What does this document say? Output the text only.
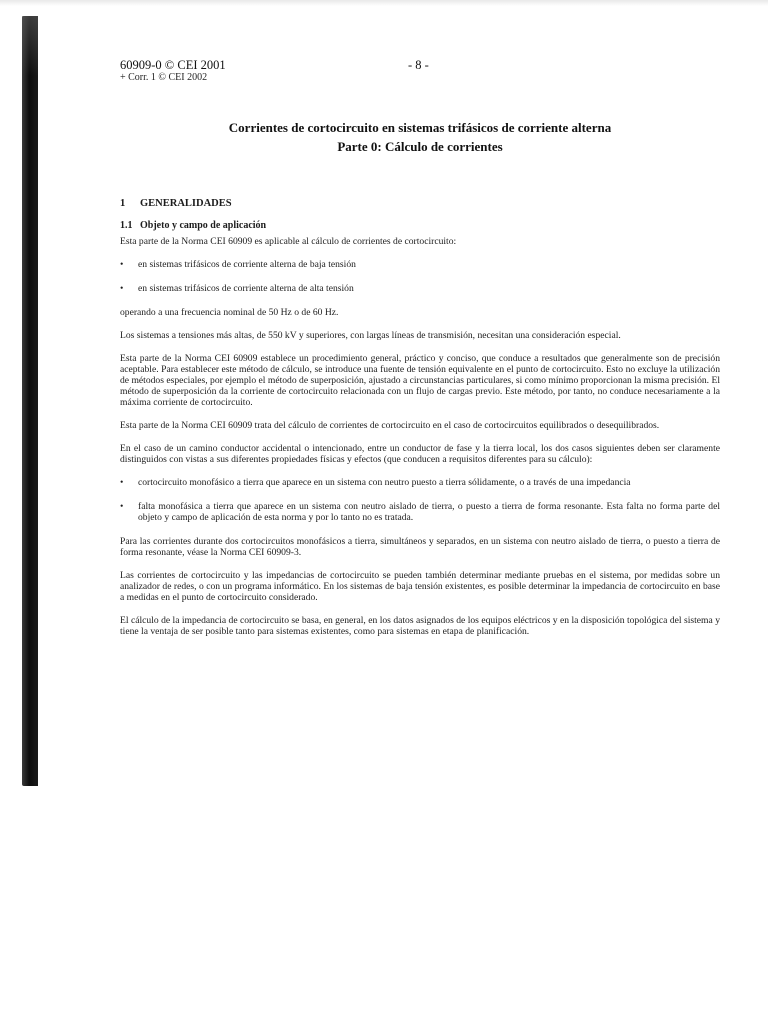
60909-0 © CEI 2001
+ Corr. 1 © CEI 2002
- 8 -
Corrientes de cortocircuito en sistemas trifásicos de corriente alterna
Parte 0: Cálculo de corrientes
1 GENERALIDADES
1.1 Objeto y campo de aplicación

Esta parte de la Norma CEI 60909 es aplicable al cálculo de corrientes de cortocircuito:

• en sistemas trifásicos de corriente alterna de baja tensión
• en sistemas trifásicos de corriente alterna de alta tensión

operando a una frecuencia nominal de 50 Hz o de 60 Hz.

Los sistemas a tensiones más altas, de 550 kV y superiores, con largas líneas de transmisión, necesitan una consideración especial.

Esta parte de la Norma CEI 60909 establece un procedimiento general, práctico y conciso, que conduce a resultados que generalmente son de precisión aceptable. Para establecer este método de cálculo, se introduce una fuente de tensión equivalente en el punto de cortocircuito. Esto no excluye la utilización de métodos especiales, por ejemplo el método de superposición, ajustado a circunstancias particulares, si como mínimo proporcionan la misma precisión. El método de superposición da la corriente de cortocircuito relacionada con un flujo de cargas previo. Este método, por tanto, no conduce necesariamente a la máxima corriente de cortocircuito.

Esta parte de la Norma CEI 60909 trata del cálculo de corrientes de cortocircuito en el caso de cortocircuitos equilibrados o desequilibrados.

En el caso de un camino conductor accidental o intencionado, entre un conductor de fase y la tierra local, los dos casos siguientes deben ser claramente distinguidos con vistas a sus diferentes propiedades físicas y efectos (que conducen a requisitos diferentes para su cálculo):

• cortocircuito monofásico a tierra que aparece en un sistema con neutro puesto a tierra sólidamente, o a través de una impedancia
• falta monofásica a tierra que aparece en un sistema con neutro aislado de tierra, o puesto a tierra de forma resonante. Esta falta no forma parte del objeto y campo de aplicación de esta norma y por lo tanto no es tratada.

Para las corrientes durante dos cortocircuitos monofásicos a tierra, simultáneos y separados, en un sistema con neutro aislado de tierra, o puesto a tierra de forma resonante, véase la Norma CEI 60909-3.

Las corrientes de cortocircuito y las impedancias de cortocircuito se pueden también determinar mediante pruebas en el sistema, por medidas sobre un analizador de redes, o con un programa informático. En los sistemas de baja tensión existentes, es posible determinar la impedancia de cortocircuito en base a medidas en el punto de cortocircuito considerado.

El cálculo de la impedancia de cortocircuito se basa, en general, en los datos asignados de los equipos eléctricos y en la disposición topológica del sistema y tiene la ventaja de ser posible tanto para sistemas existentes, como para sistemas en etapa de planificación.
